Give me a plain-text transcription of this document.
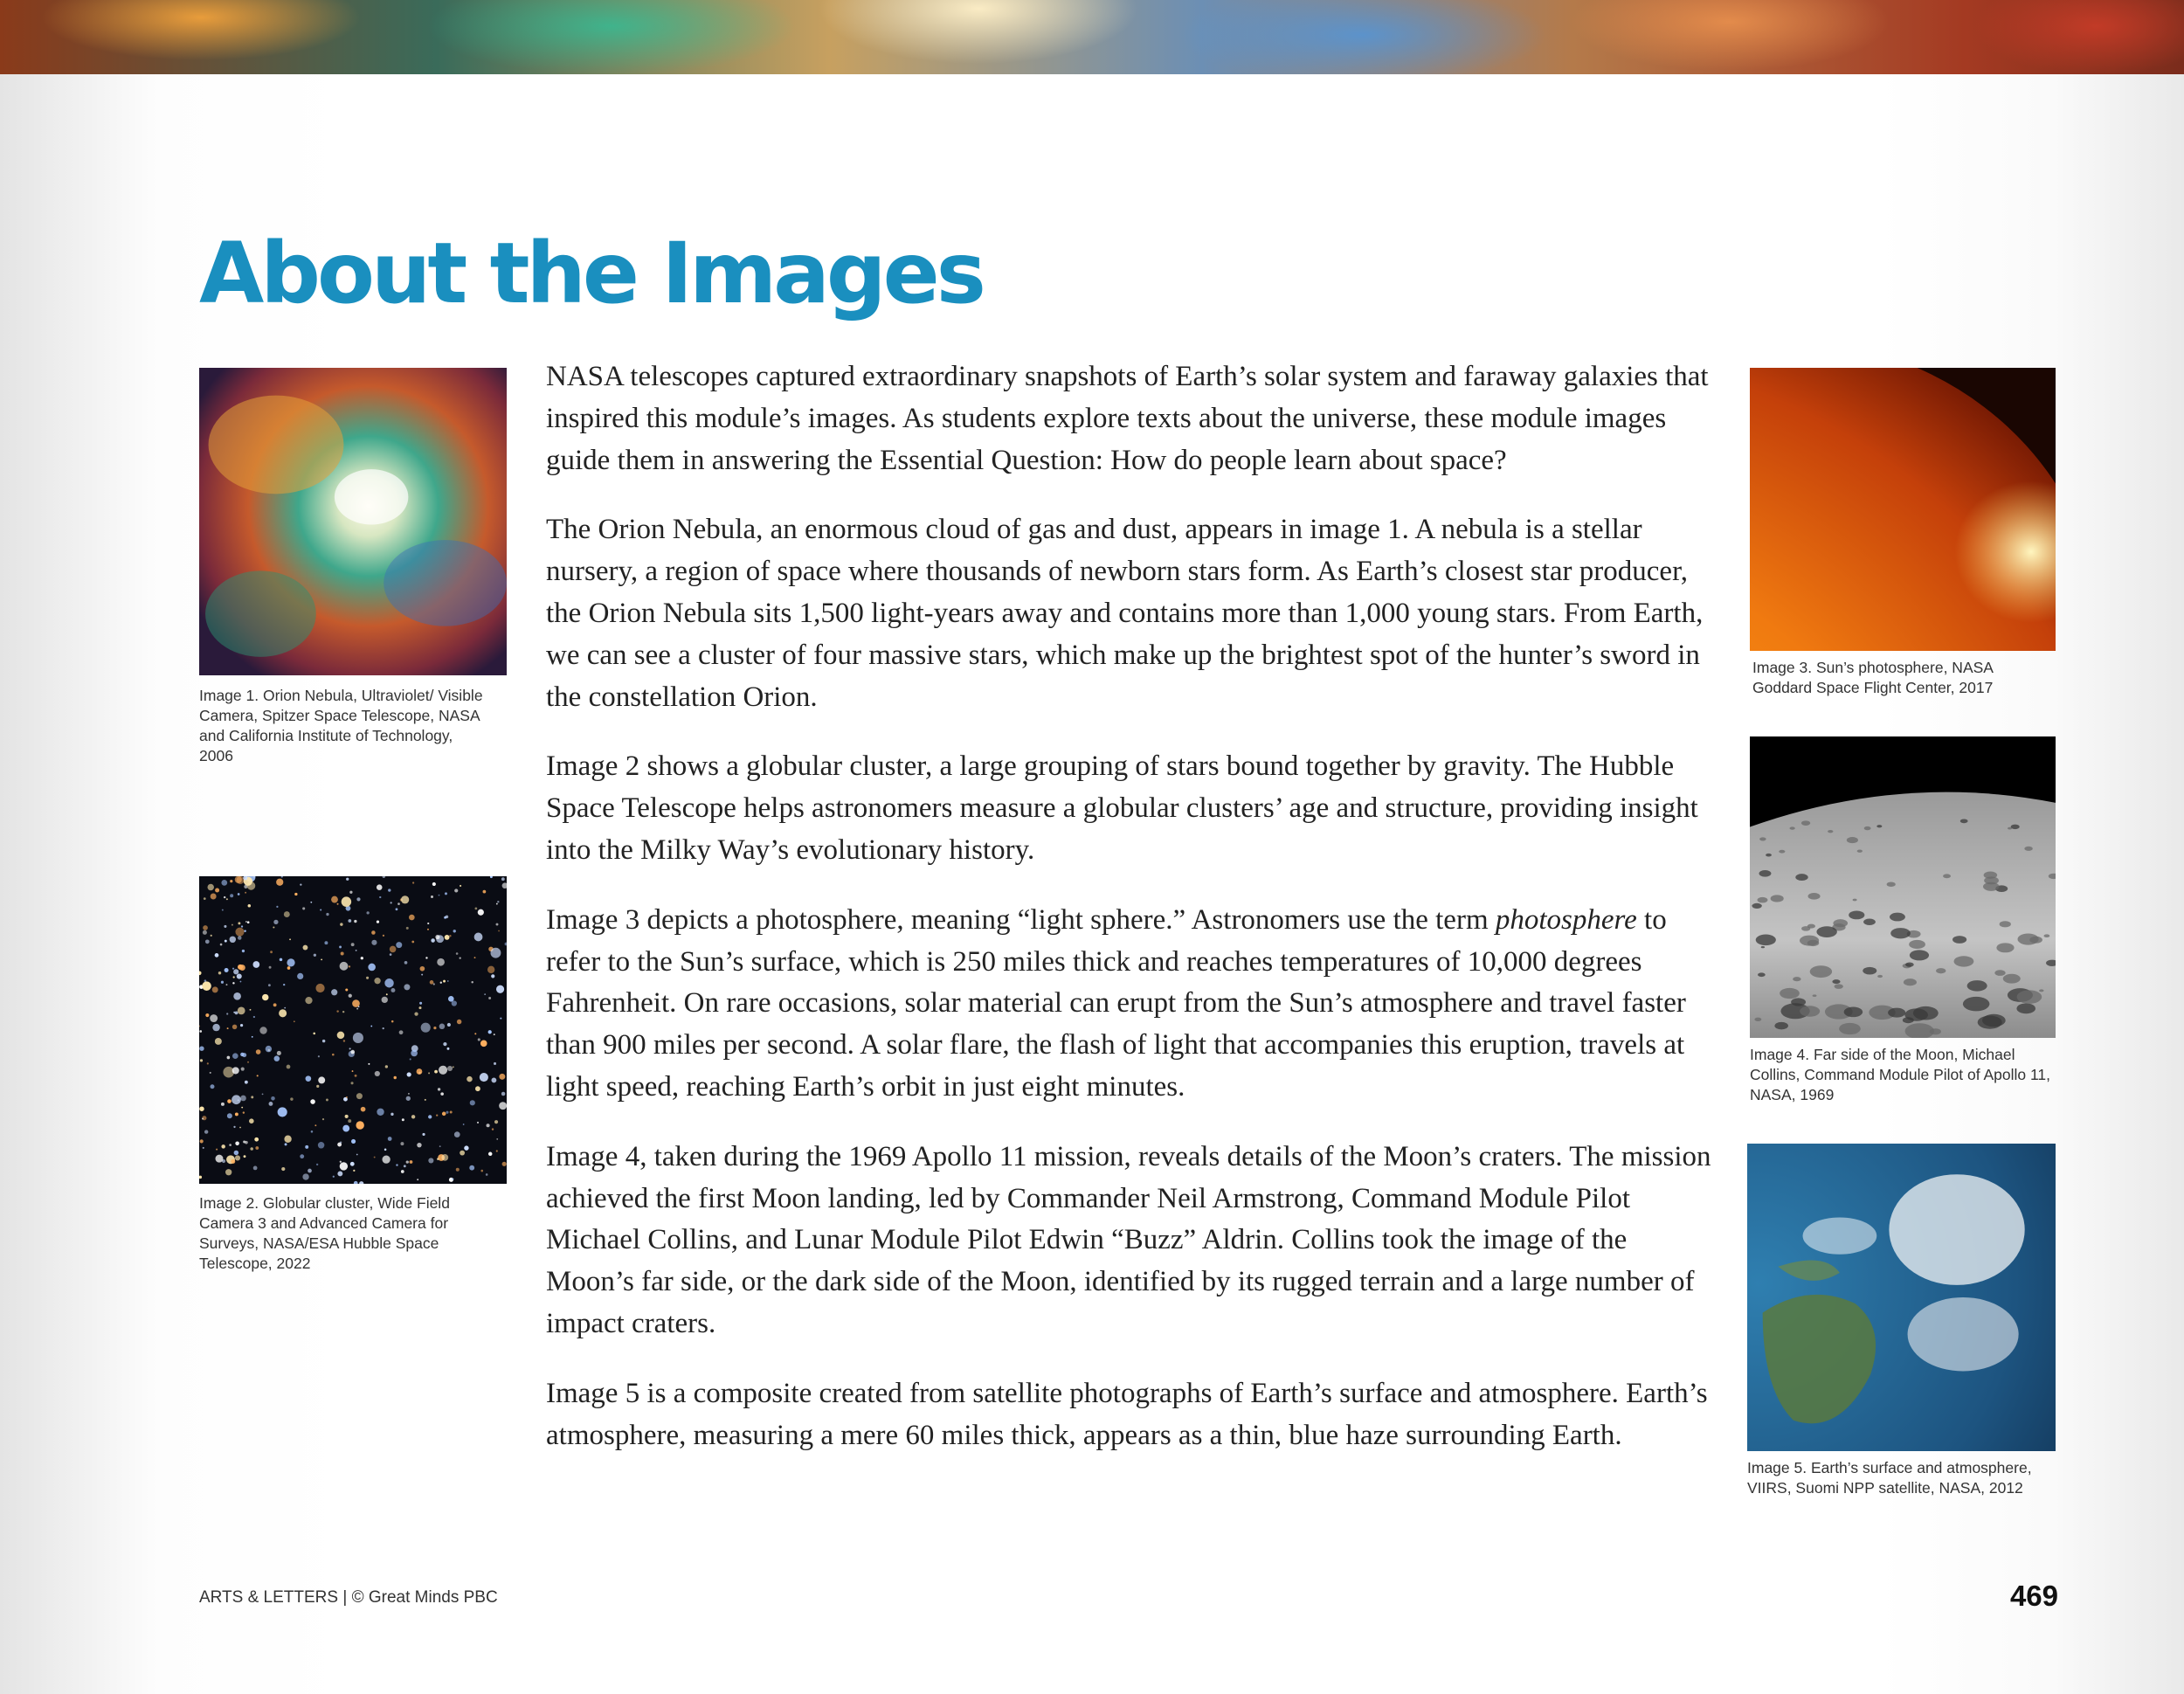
About the Images

Image 1. Orion Nebula, Ultraviolet/ Visible Camera, Spitzer Space Telescope, NASA and California Institute of Technology, 2006

Image 2. Globular cluster, Wide Field Camera 3 and Advanced Camera for Surveys, NASA/ESA Hubble Space Telescope, 2022

Image 3. Sun’s photosphere, NASA Goddard Space Flight Center, 2017

Image 4. Far side of the Moon, Michael Collins, Command Module Pilot of Apollo 11, NASA, 1969

Image 5. Earth’s surface and atmosphere, VIIRS, Suomi NPP satellite, NASA, 2012

NASA telescopes captured extraordinary snapshots of Earth’s solar system and faraway galaxies that inspired this module’s images. As students explore texts about the universe, these module images guide them in answering the Essential Question: How do people learn about space?

The Orion Nebula, an enormous cloud of gas and dust, appears in image 1. A nebula is a stellar nursery, a region of space where thousands of newborn stars form. As Earth’s closest star producer, the Orion Nebula sits 1,500 light-years away and contains more than 1,000 young stars. From Earth, we can see a cluster of four massive stars, which make up the brightest spot of the hunter’s sword in the constellation Orion.

Image 2 shows a globular cluster, a large grouping of stars bound together by gravity. The Hubble Space Telescope helps astronomers measure a globular clusters’ age and structure, providing insight into the Milky Way’s evolutionary history.

Image 3 depicts a photosphere, meaning “light sphere.” Astronomers use the term photosphere to refer to the Sun’s surface, which is 250 miles thick and reaches temperatures of 10,000 degrees Fahrenheit. On rare occasions, solar material can erupt from the Sun’s atmosphere and travel faster than 900 miles per second. A solar flare, the flash of light that accompanies this eruption, travels at light speed, reaching Earth’s orbit in just eight minutes.

Image 4, taken during the 1969 Apollo 11 mission, reveals details of the Moon’s craters. The mission achieved the first Moon landing, led by Commander Neil Armstrong, Command Module Pilot Michael Collins, and Lunar Module Pilot Edwin “Buzz” Aldrin. Collins took the image of the Moon’s far side, or the dark side of the Moon, identified by its rugged terrain and a large number of impact craters.

Image 5 is a composite created from satellite photographs of Earth’s surface and atmosphere. Earth’s atmosphere, measuring a mere 60 miles thick, appears as a thin, blue haze surrounding Earth.

ARTS & LETTERS | © Great Minds PBC	469
